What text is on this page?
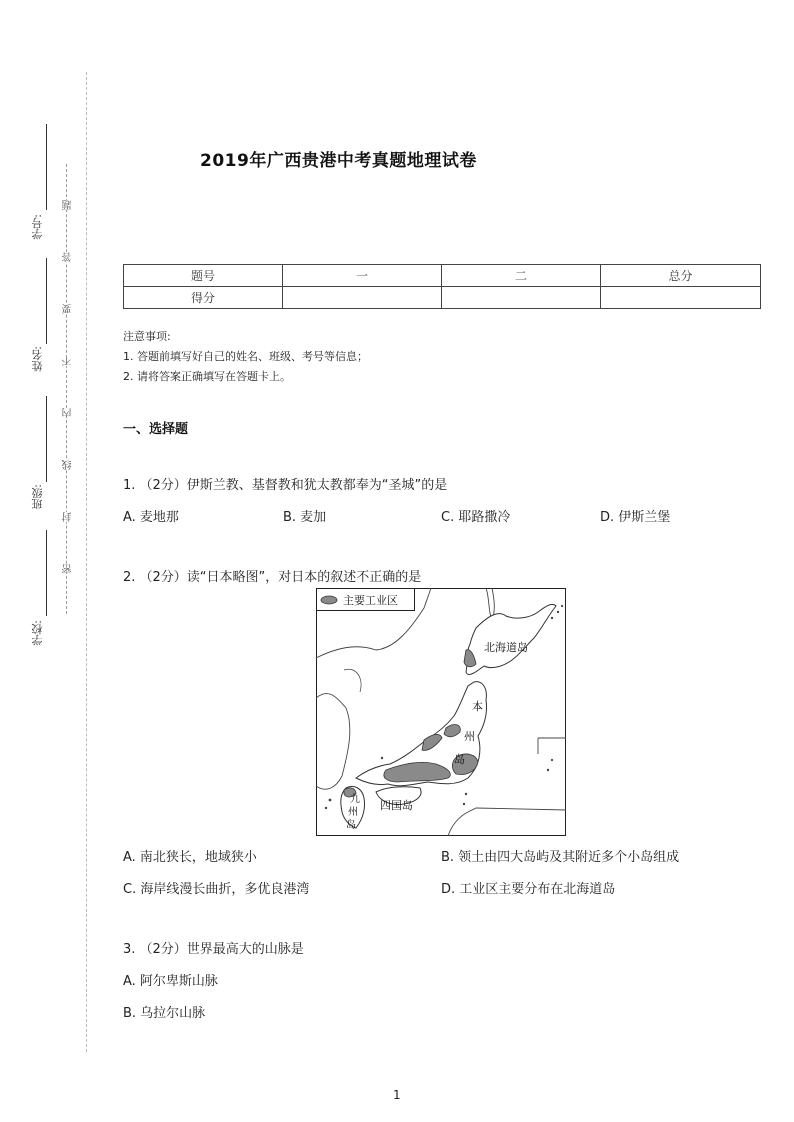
学号:
姓名:
班级:
学校:
题
答
要
不
内
线
封
密
2019年广西贵港中考真题地理试卷
题号	一	二	总分
得分			
注意事项:
1. 答题前填写好自己的姓名、班级、考号等信息；
2. 请将答案正确填写在答题卡上。
一、选择题
1. （2分）伊斯兰教、基督教和犹太教都奉为“圣城”的是
A. 麦地那	B. 麦加	C. 耶路撒冷	D. 伊斯兰堡
2. （2分）读“日本略图”，对日本的叙述不正确的是
主要工业区
北海道岛
本
州
岛
九
州
岛
四国岛
A. 南北狭长，地域狭小	B. 领土由四大岛屿及其附近多个小岛组成
C. 海岸线漫长曲折，多优良港湾	D. 工业区主要分布在北海道岛
3. （2分）世界最高大的山脉是
A. 阿尔卑斯山脉
B. 乌拉尔山脉
1
